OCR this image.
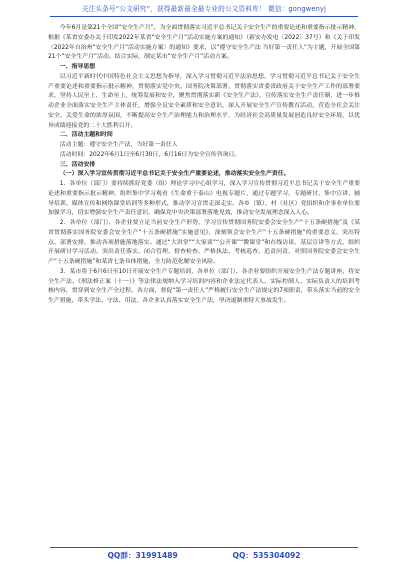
关注头条号“公文研究”，获得最新最全最专业的公文资料库！ 微信：gongwenyj

今年6月是第21个全国“安全生产月”，为全面贯彻落实习近平总书记关于安全生产的重要论述和重要指示批示精神，根据《某省安委办关于印发2022年某省“安全生产月”活动实施方案的通知》（新安办发电〔2022〕37号）和《关于印发〈2022年自治州“安全生产月”活动实施方案〉的通知》要求，以“遵守安全生产法 当好第一责任人”为主题，开展全国第21个“安全生产月”活动。结合实际，制定某市“安全生产月”活动方案。

一、指导思想

以习近平新时代中国特色社会主义思想为指导，深入学习贯彻习近平法治思想，学习贯彻习近平总书记关于安全生产重要论述和重要指示批示精神，贯彻落实党中央、国务院决策部署，贯彻落实省委省政府关于安全生产工作的部署要求，坚持人民至上、生命至上，统筹发展和安全，聚焦贯彻落实新《安全生产法》，宣传落实安全生产责任制，进一步推动企业全面落实安全生产主体责任，增强全员安全素质和安全意识，深入开展安全生产宣传教育活动，营造全社会关注安全、关爱生命的浓厚氛围，不断提高安全生产治理能力和治理水平，为经济社会高质量发展创造良好安全环境，以优异成绩迎接党的二十大胜利召开。

二、活动主题和时间

活动主题：遵守安全生产法，当好第一责任人

活动时间：2022年6月1日至6月30日，6月16日为安全宣传咨询日。

三、活动安排

（一）深入学习宣传贯彻习近平总书记关于安全生产重要论述，推动落实安全生产责任。

1．各单位（部门）要持续抓好党委（组）理论学习中心组学习，深入学习宣传贯彻习近平总书记关于安全生产重要论述和重要指示批示精神，组织集中学习观看《生命重于泰山》电视专题片，通过专题学习、专题研讨、集中宣讲、辅导培训、媒体宣传和网络课堂培训等多种形式，推动学习宣贯走深走实。各乡（镇）、村（社区）党组织和企事业单位要加强学习，切实增强安全生产责任意识，确保党中央决策部署落地见效，推动安全发展理念深入人心。

2．各单位（部门）、各企业要立足当前安全生产形势，学习宣传贯彻国务院安委会安全生产“十五条硬措施”及《某省贯彻落实国务院安委会安全生产“十五条硬措施”实施意见》，深刻领会安全生产“十五条硬措施”的重要意义、突出特点、部署安排，推动各项措施落地落实。通过“大讲堂”“大家谈”“公开课”“微课堂”和在线访谈、基层宣讲等方式，组织开展研讨学习活动，突出责任落实、闭合管理、督查检查、严格执法、考核巡查、追责问责，对照国务院安委会安全生产“十五条硬措施”和某省七条具体措施，全力防范化解安全风险。

3．某市将于6月6日至10日开展安全生产专题培训，各单位（部门）、各企业要组织开展安全生产法专题讲座，将安全生产法、《刑法修正案（十一）》等法律法规纳入学习培训内容和企业法定代表人、实际控制人、实际负责人的培训考核内容，贯穿到安全生产全过程、各方面，督促“第一责任人”严格履行安全生产法规定的7项职责，带头落实当前的安全生产措施，带头学法、守法、用法，各企业认真落实安全生产法，坚决遏制重特大事故发生。

QQ群：31991489	QQ：535304092
